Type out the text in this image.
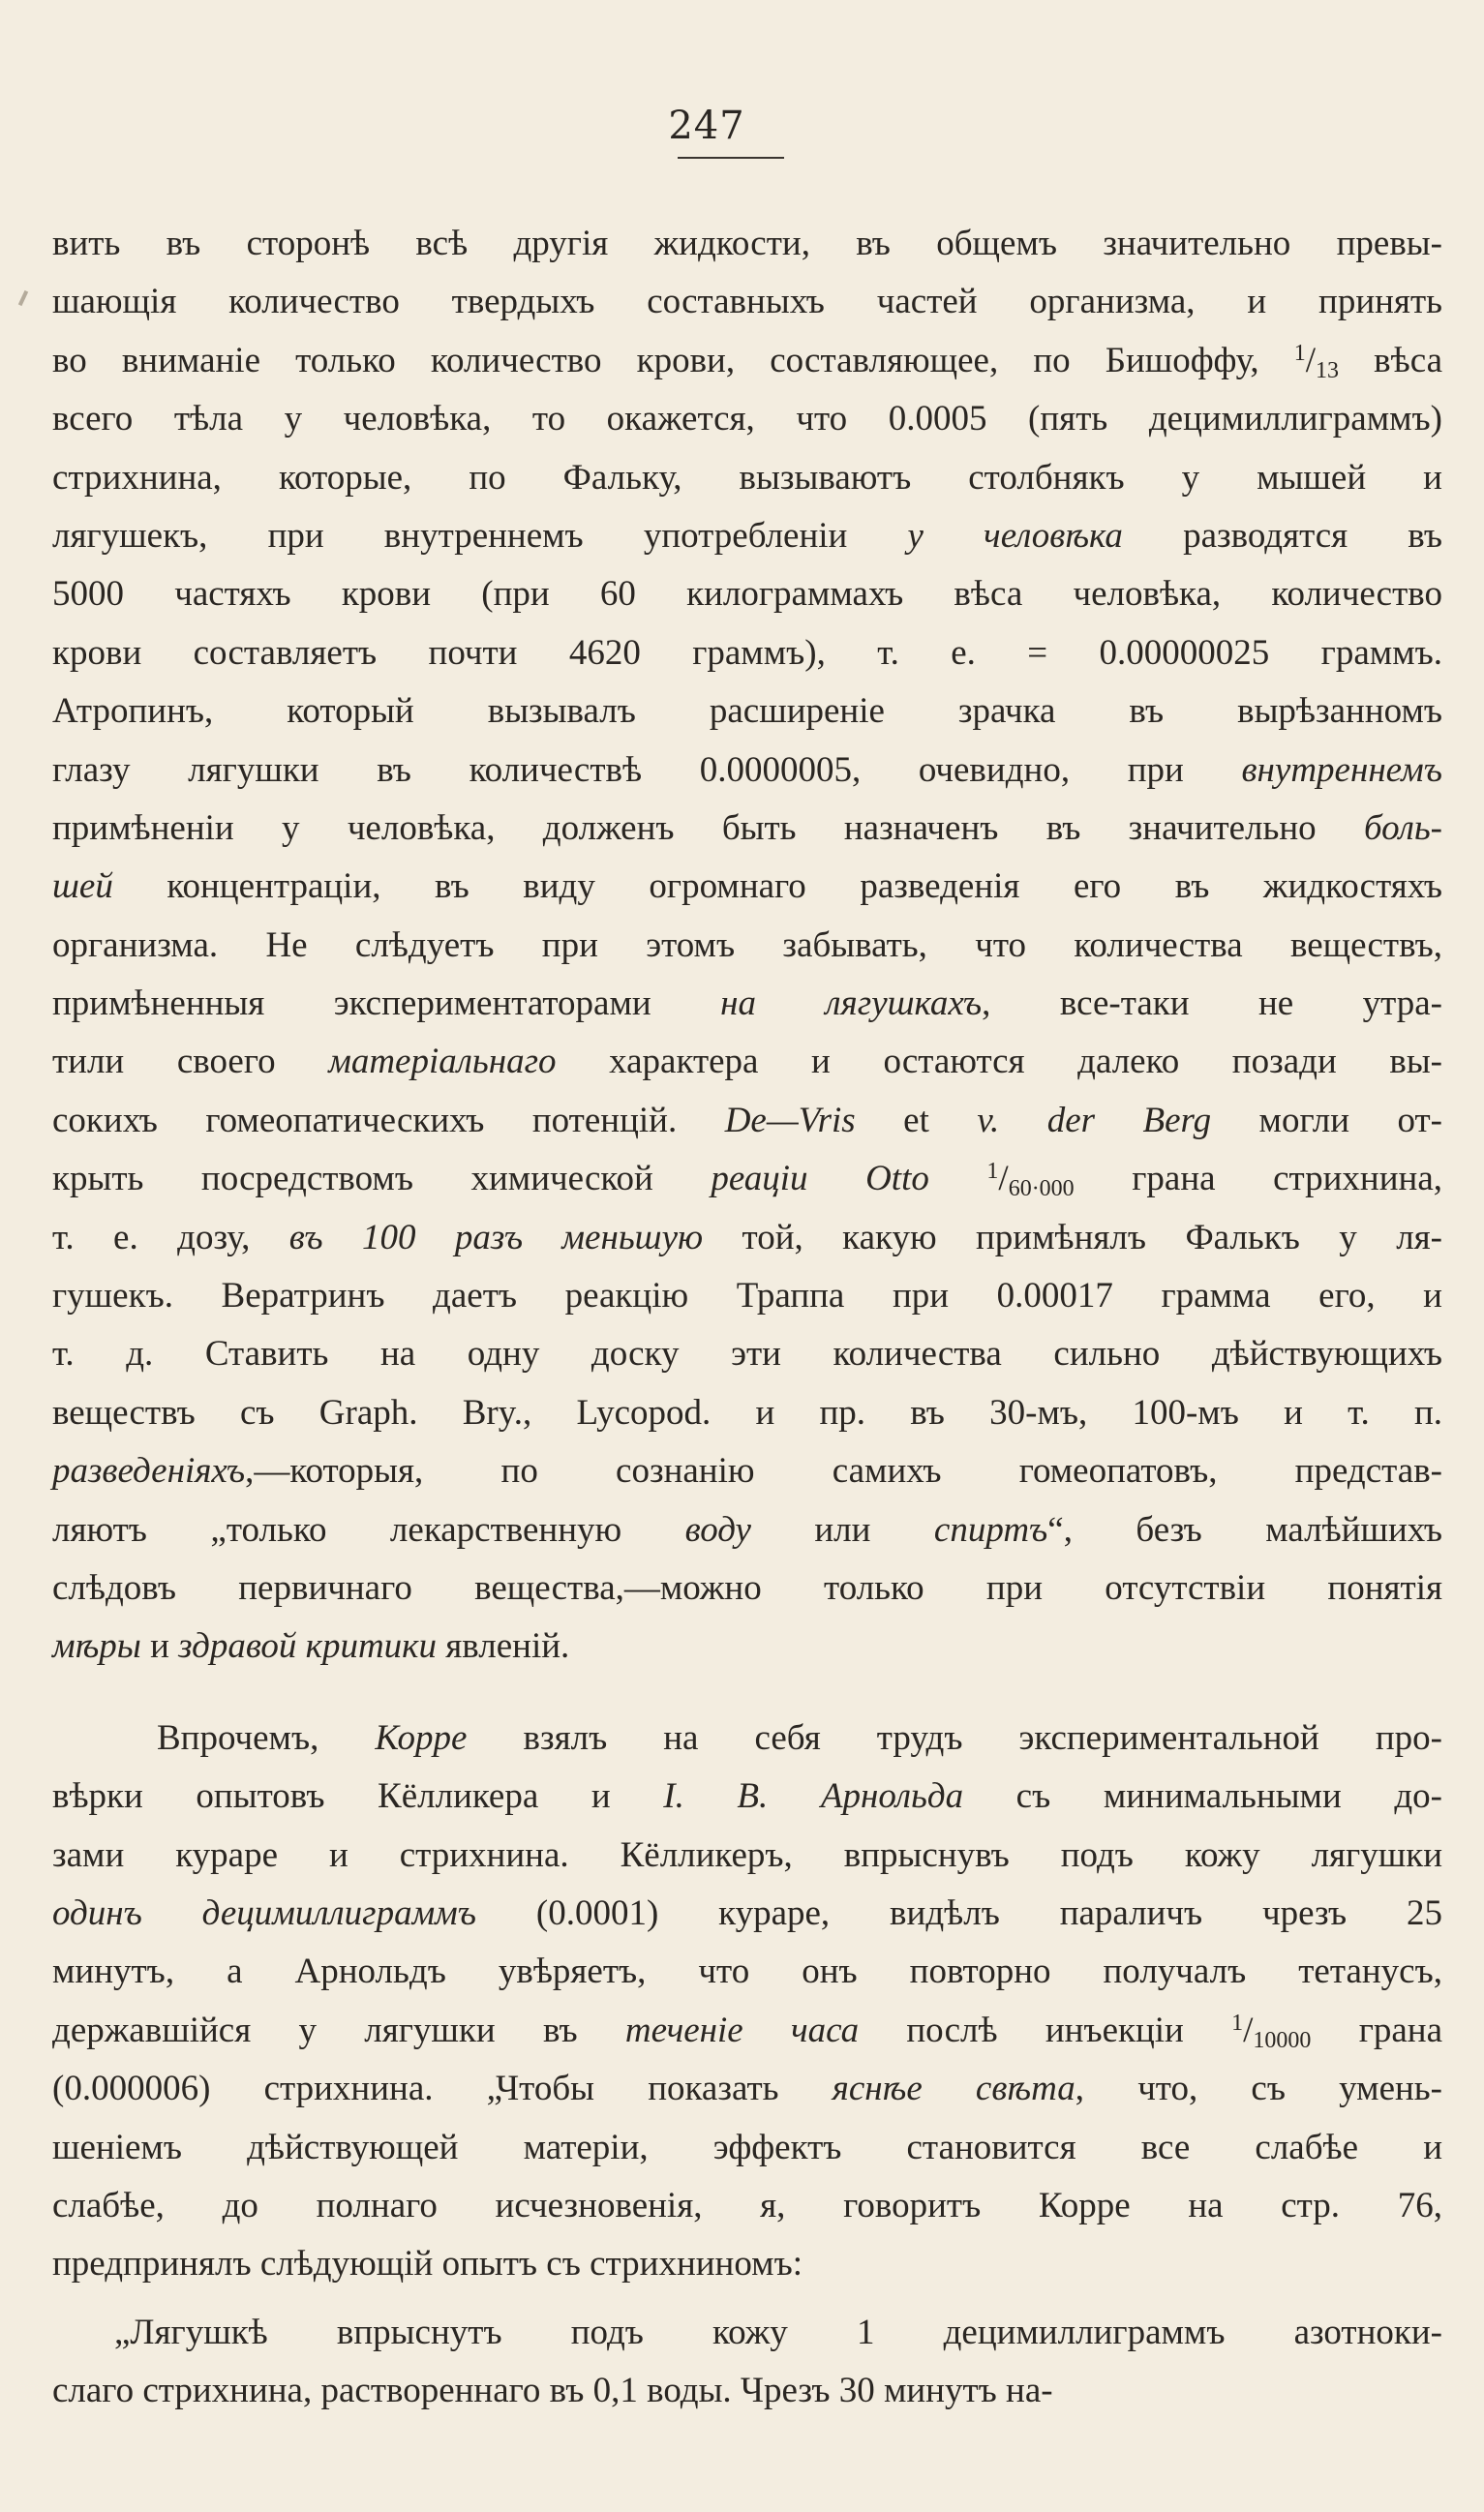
247
вить въ сторонѣ всѣ другія жидкости, въ общемъ значительно превы-
шающія количество твердыхъ составныхъ частей организма, и принять
во вниманіе только количество крови, составляющее, по Бишоффу, $^1/_{13}$ вѣса
всего тѣла у человѣка, то окажется, что 0.0005 (пять децимиллиграммъ)
стрихнина, которые, по Фальку, вызываютъ столбнякъ у мышей и
лягушекъ, при внутреннемъ употребленіи у человѣка разводятся въ
5000 частяхъ крови (при 60 килограммахъ вѣса человѣка, количество
крови составляетъ почти 4620 граммъ), т. е. = 0.00000025 граммъ.
Атропинъ, который вызывалъ расширеніе зрачка въ вырѣзанномъ
глазу лягушки въ количествѣ 0.0000005, очевидно, при внутреннемъ
примѣненіи у человѣка, долженъ быть назначенъ въ значительно боль-
шей концентраціи, въ виду огромнаго разведенія его въ жидкостяхъ
организма. Не слѣдуетъ при этомъ забывать, что количества веществъ,
примѣненныя экспериментаторами на лягушкахъ, все-таки не утра-
тили своего матеріальнаго характера и остаются далеко позади вы-
сокихъ гомеопатическихъ потенцій. De—Vris et v. der Berg могли от-
крыть посредствомъ химической реаціи Otto $^1/_{60\cdot 000}$ грана стрихнина,
т. е. дозу, въ 100 разъ меньшую той, какую примѣнялъ Фалькъ у ля-
гушекъ. Вератринъ даетъ реакцію Траппа при 0.00017 грамма его, и
т. д. Ставить на одну доску эти количества сильно дѣйствующихъ
веществъ съ Graph. Bry., Lycopod. и пр. въ 30-мъ, 100-мъ и т. п.
разведеніяхъ,—которыя, по сознанію самихъ гомеопатовъ, представ-
ляютъ „только лекарственную воду или спиртъ“, безъ малѣйшихъ
слѣдовъ первичнаго вещества,—можно только при отсутствіи понятія
мѣры и здравой критики явленій.
Впрочемъ, Корре взялъ на себя трудъ экспериментальной про-
вѣрки опытовъ Кёлликера и I. B. Арнольда съ минимальными до-
зами кураре и стрихнина. Кёлликеръ, впрыснувъ подъ кожу лягушки
одинъ децимиллиграммъ (0.0001) кураре, видѣлъ параличъ чрезъ 25
минутъ, а Арнольдъ увѣряетъ, что онъ повторно получалъ тетанусъ,
державшійся у лягушки въ теченіе часа послѣ инъекціи $^1/_{10000}$ грана
(0.000006) стрихнина. „Чтобы показать яснѣе свѣта, что, съ умень-
шеніемъ дѣйствующей матеріи, эффектъ становится все слабѣе и
слабѣе, до полнаго исчезновенія, я, говоритъ Корре на стр. 76,
предпринялъ слѣдующій опытъ съ стрихниномъ:
„Лягушкѣ впрыснутъ подъ кожу 1 децимиллиграммъ азотноки-
слаго стрихнина, раствореннаго въ 0,1 воды. Чрезъ 30 минутъ на-
